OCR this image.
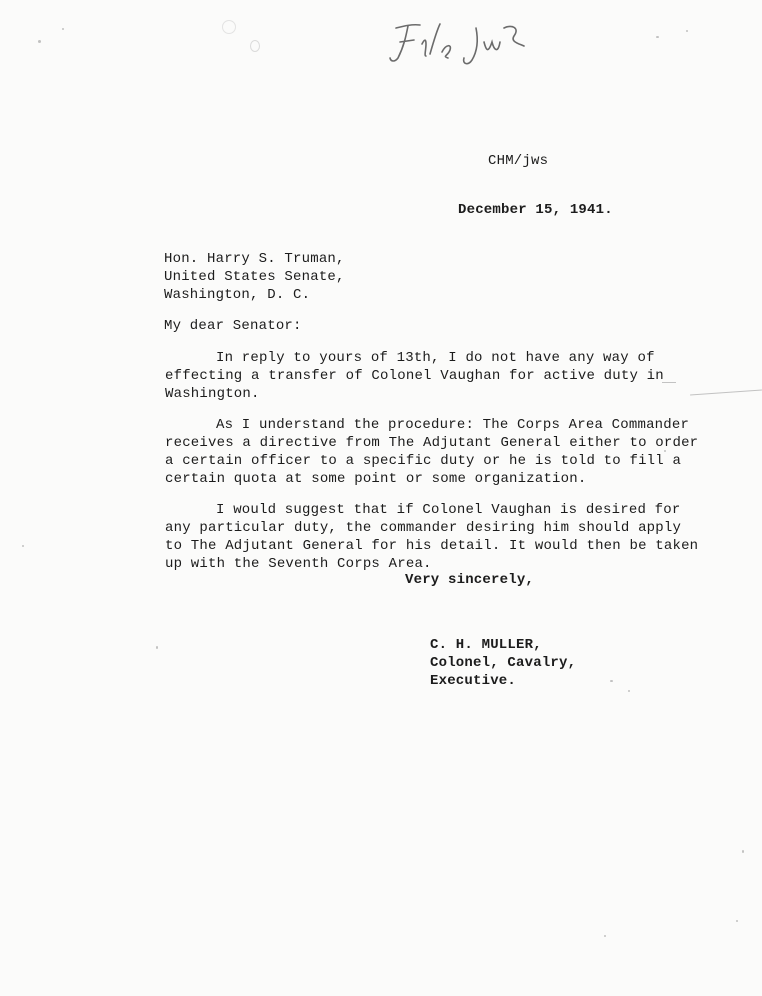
CHM/jws
December 15, 1941.
Hon. Harry S. Truman,
United States Senate,
Washington, D. C.
My dear Senator:
In reply to yours of 13th, I do not have any way of
effecting a transfer of Colonel Vaughan for active duty in
Washington.
As I understand the procedure: The Corps Area Commander
receives a directive from The Adjutant General either to order
a certain officer to a specific duty or he is told to fill a
certain quota at some point or some organization.
I would suggest that if Colonel Vaughan is desired for
any particular duty, the commander desiring him should apply
to The Adjutant General for his detail. It would then be taken
up with the Seventh Corps Area.
Very sincerely,
C. H. MULLER,
Colonel, Cavalry,
Executive.
